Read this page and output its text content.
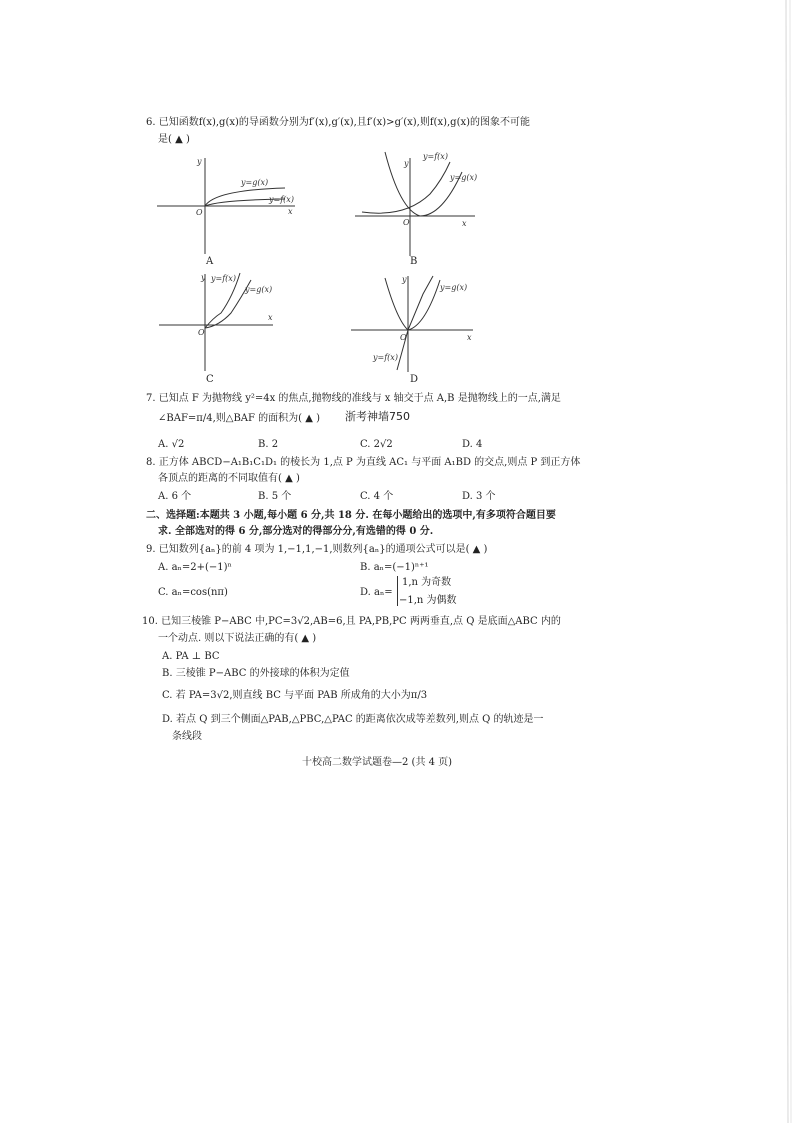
6. 已知函数f(x),g(x)的导函数分别为f′(x),g′(x),且f′(x)>g′(x),则f(x),g(x)的图象不可能
是( ▲ )
y
x
O
y=g(x)
y=f(x)
A
y
x
O
y=f(x)
y=g(x)
B
y
x
O
y=f(x)
y=g(x)
C
y
x
O
y=g(x)
y=f(x)
D
7. 已知点 F 为抛物线 y²=4x 的焦点,抛物线的准线与 x 轴交于点 A,B 是抛物线上的一点,满足
∠BAF=π/4,则△BAF 的面积为( ▲ ) 浙考神墙750
A. √2	B. 2	C. 2√2	D. 4
8. 正方体 ABCD−A₁B₁C₁D₁ 的棱长为 1,点 P 为直线 AC₁ 与平面 A₁BD 的交点,则点 P 到正方体
各顶点的距离的不同取值有( ▲ )
A. 6 个	B. 5 个	C. 4 个	D. 3 个
二、选择题:本题共 3 小题,每小题 6 分,共 18 分. 在每小题给出的选项中,有多项符合题目要
求. 全部选对的得 6 分,部分选对的得部分分,有选错的得 0 分.
9. 已知数列{aₙ}的前 4 项为 1,−1,1,−1,则数列{aₙ}的通项公式可以是( ▲ )
A. aₙ=2+(−1)ⁿ	B. aₙ=(−1)ⁿ⁺¹
C. aₙ=cos(nπ)	D. aₙ=
1,n 为奇数
−1,n 为偶数
10. 已知三棱锥 P−ABC 中,PC=3√2,AB=6,且 PA,PB,PC 两两垂直,点 Q 是底面△ABC 内的
一个动点. 则以下说法正确的有( ▲ )
A. PA ⊥ BC
B. 三棱锥 P−ABC 的外接球的体积为定值
C. 若 PA=3√2,则直线 BC 与平面 PAB 所成角的大小为π/3
D. 若点 Q 到三个侧面△PAB,△PBC,△PAC 的距离依次成等差数列,则点 Q 的轨迹是一
条线段
十校高二数学试题卷—2 (共 4 页)
